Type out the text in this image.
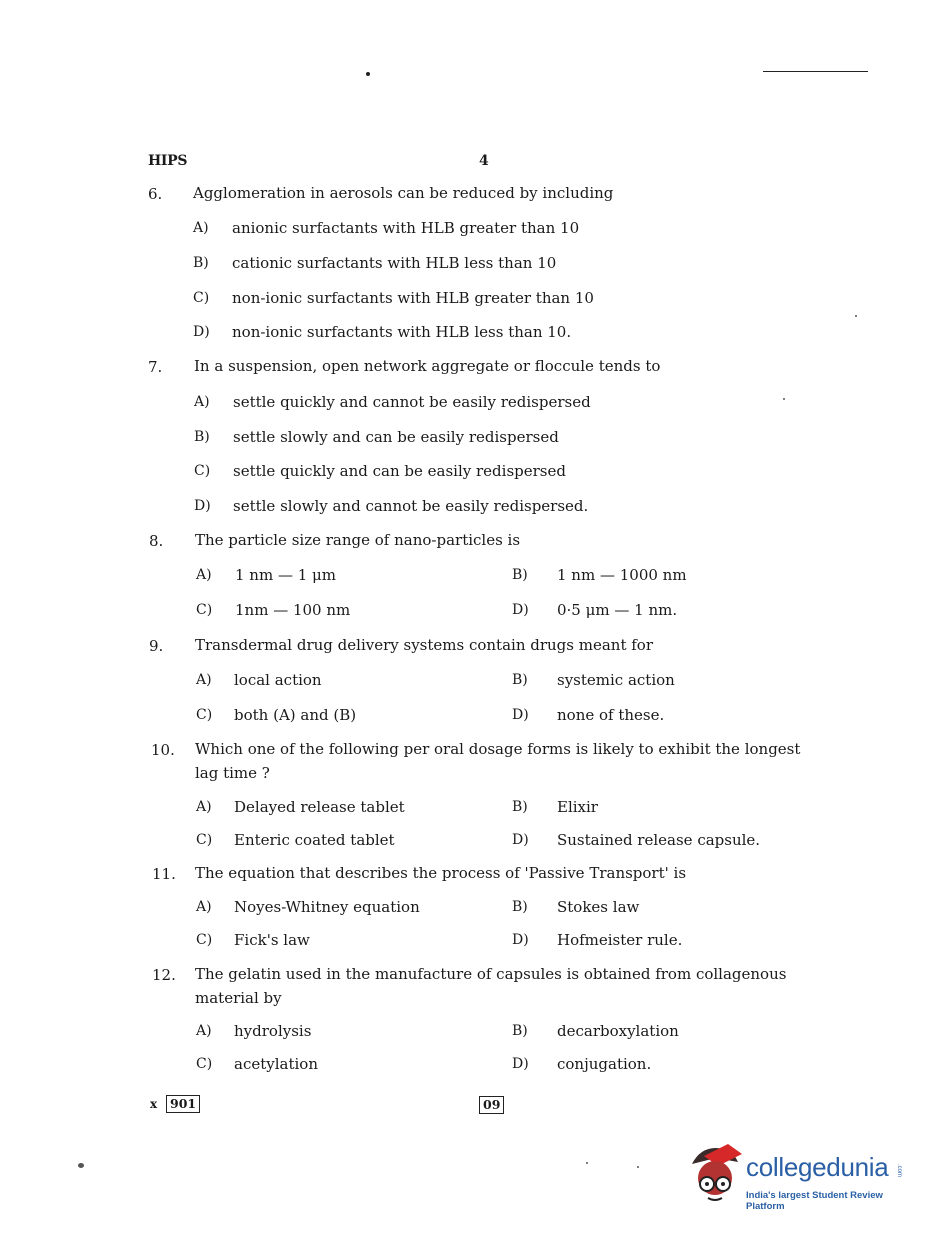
HIPS	4
6. Agglomeration in aerosols can be reduced by including
A) anionic surfactants with HLB greater than 10
B) cationic surfactants with HLB less than 10
C) non-ionic surfactants with HLB greater than 10
D) non-ionic surfactants with HLB less than 10.
7. In a suspension, open network aggregate or floccule tends to
A) settle quickly and cannot be easily redispersed
B) settle slowly and can be easily redispersed
C) settle quickly and can be easily redispersed
D) settle slowly and cannot be easily redispersed.
8. The particle size range of nano-particles is
A) 1 nm — 1 μm	B) 1 nm — 1000 nm
C) 1nm — 100 nm	D) 0·5 μm — 1 nm.
9. Transdermal drug delivery systems contain drugs meant for
A) local action	B) systemic action
C) both (A) and (B)	D) none of these.
10. Which one of the following per oral dosage forms is likely to exhibit the longest
lag time ?
A) Delayed release tablet	B) Elixir
C) Enteric coated tablet	D) Sustained release capsule.
11. The equation that describes the process of 'Passive Transport' is
A) Noyes-Whitney equation	B) Stokes law
C) Fick's law	D) Hofmeister rule.
12. The gelatin used in the manufacture of capsules is obtained from collagenous
material by
A) hydrolysis	B) decarboxylation
C) acetylation	D) conjugation.
x	901	09
collegedunia .com
India's largest Student Review Platform
